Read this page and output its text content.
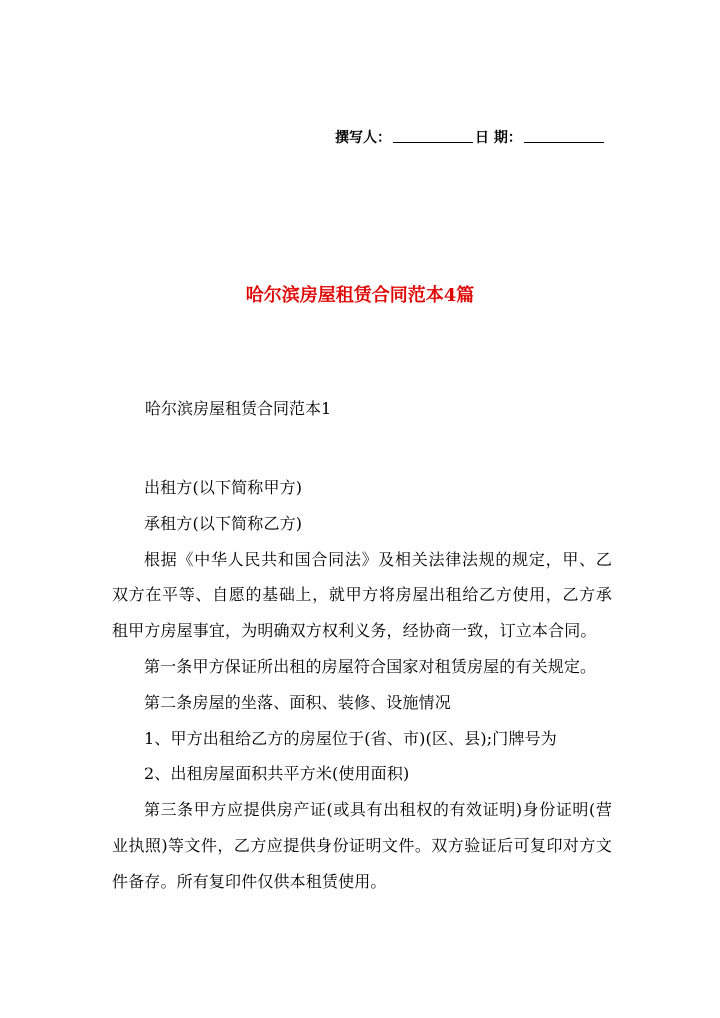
撰写人：	日 期：
哈尔滨房屋租赁合同范本4篇
哈尔滨房屋租赁合同范本1

出租方(以下简称甲方)

承租方(以下简称乙方)

根据《中华人民共和国合同法》及相关法律法规的规定，甲、乙双方在平等、自愿的基础上，就甲方将房屋出租给乙方使用，乙方承租甲方房屋事宜，为明确双方权利义务，经协商一致，订立本合同。

第一条甲方保证所出租的房屋符合国家对租赁房屋的有关规定。

第二条房屋的坐落、面积、装修、设施情况

1、甲方出租给乙方的房屋位于(省、市)(区、县);门牌号为

2、出租房屋面积共平方米(使用面积)

第三条甲方应提供房产证(或具有出租权的有效证明)身份证明(营业执照)等文件，乙方应提供身份证明文件。双方验证后可复印对方文件备存。所有复印件仅供本租赁使用。
